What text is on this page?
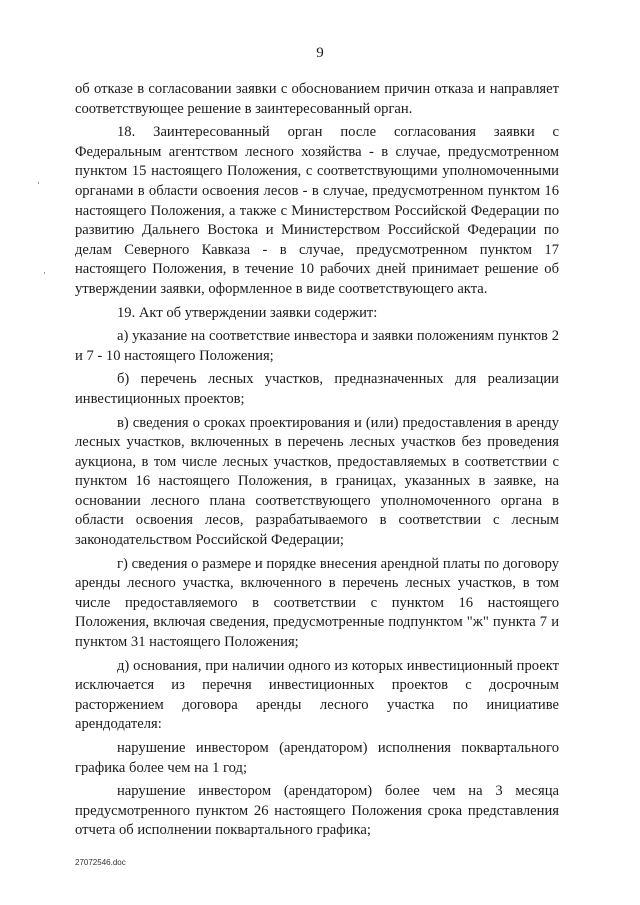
9

об отказе в согласовании заявки с обоснованием причин отказа и направляет соответствующее решение в заинтересованный орган.

18. Заинтересованный орган после согласования заявки с Федеральным агентством лесного хозяйства - в случае, предусмотренном пунктом 15 настоящего Положения, с соответствующими уполномоченными органами в области освоения лесов - в случае, предусмотренном пунктом 16 настоящего Положения, а также с Министерством Российской Федерации по развитию Дальнего Востока и Министерством Российской Федерации по делам Северного Кавказа - в случае, предусмотренном пунктом 17 настоящего Положения, в течение 10 рабочих дней принимает решение об утверждении заявки, оформленное в виде соответствующего акта.

19. Акт об утверждении заявки содержит:

а) указание на соответствие инвестора и заявки положениям пунктов 2 и 7 - 10 настоящего Положения;

б) перечень лесных участков, предназначенных для реализации инвестиционных проектов;

в) сведения о сроках проектирования и (или) предоставления в аренду лесных участков, включенных в перечень лесных участков без проведения аукциона, в том числе лесных участков, предоставляемых в соответствии с пунктом 16 настоящего Положения, в границах, указанных в заявке, на основании лесного плана соответствующего уполномоченного органа в области освоения лесов, разрабатываемого в соответствии с лесным законодательством Российской Федерации;

г) сведения о размере и порядке внесения арендной платы по договору аренды лесного участка, включенного в перечень лесных участков, в том числе предоставляемого в соответствии с пунктом 16 настоящего Положения, включая сведения, предусмотренные подпунктом "ж" пункта 7 и пунктом 31 настоящего Положения;

д) основания, при наличии одного из которых инвестиционный проект исключается из перечня инвестиционных проектов с досрочным расторжением договора аренды лесного участка по инициативе арендодателя:

нарушение инвестором (арендатором) исполнения поквартального графика более чем на 1 год;

нарушение инвестором (арендатором) более чем на 3 месяца предусмотренного пунктом 26 настоящего Положения срока представления отчета об исполнении поквартального графика;

27072546.doc
